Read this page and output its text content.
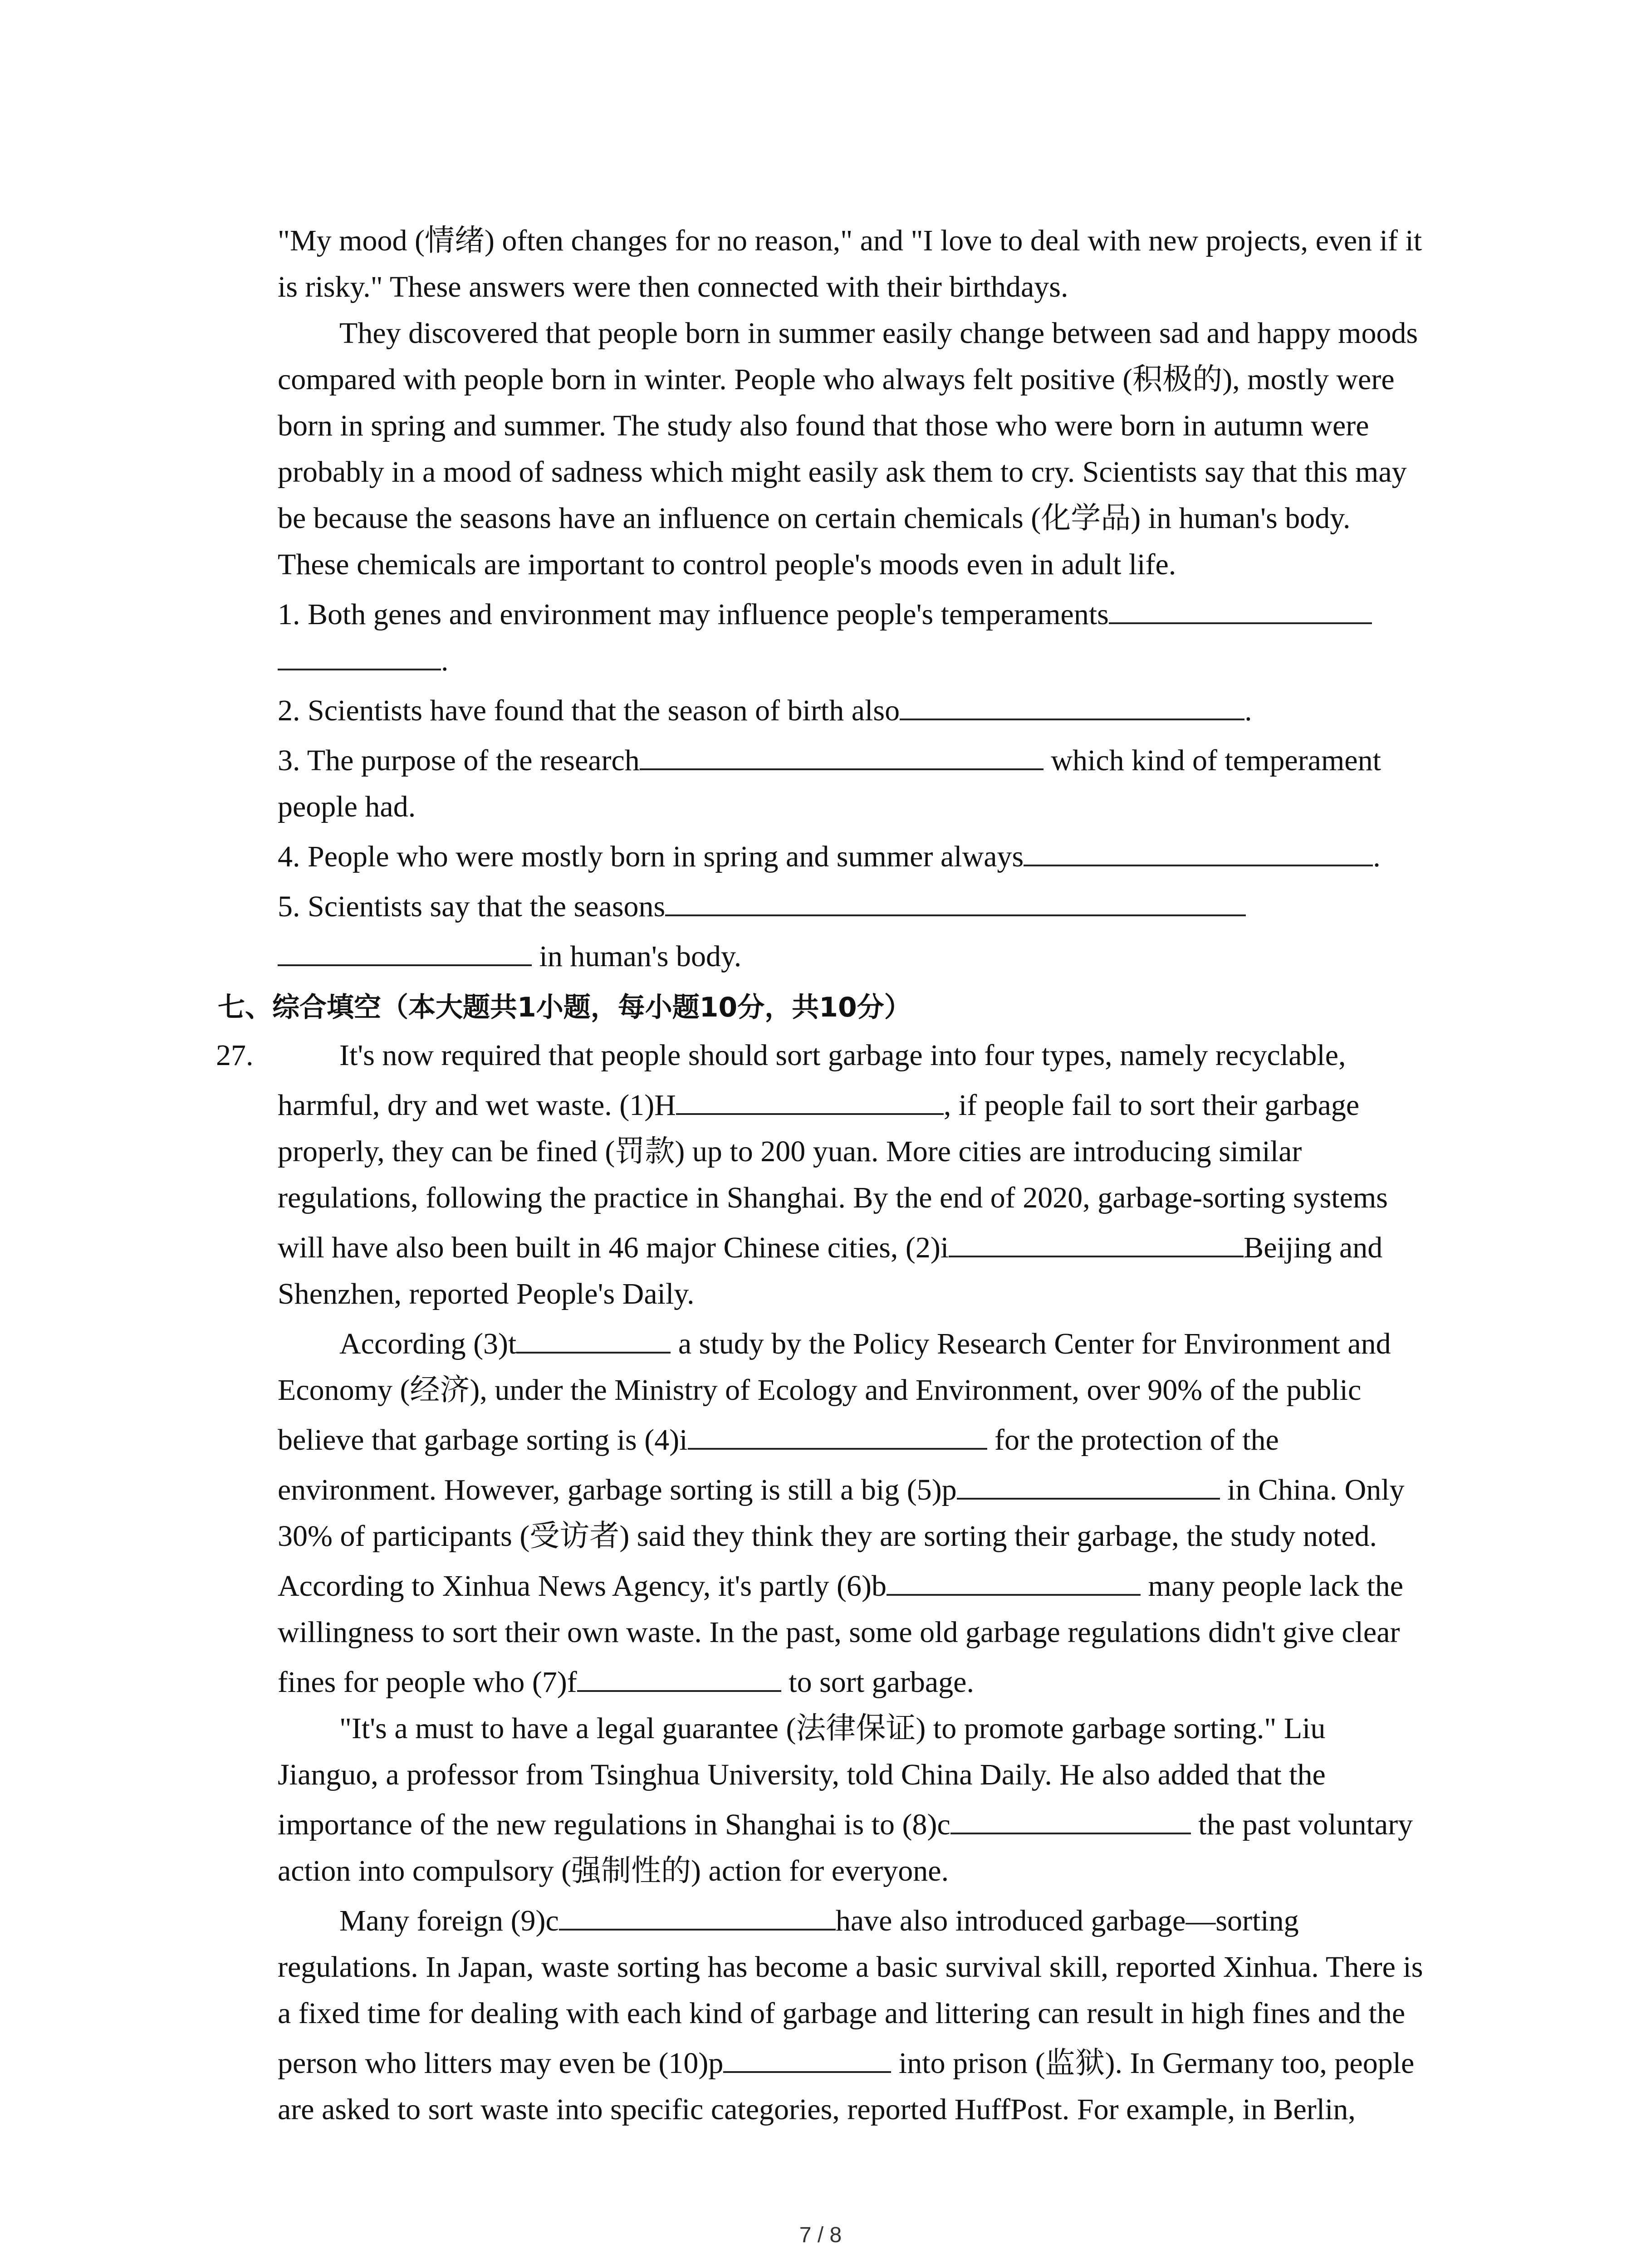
"My mood (情绪) often changes for no reason," and "I love to deal with new projects, even if it
is risky." These answers were then connected with their birthdays.
They discovered that people born in summer easily change between sad and happy moods
compared with people born in winter. People who always felt positive (积极的), mostly were
born in spring and summer. The study also found that those who were born in autumn were
probably in a mood of sadness which might easily ask them to cry. Scientists say that this may
be because the seasons have an influence on certain chemicals (化学品) in human's body.
These chemicals are important to control people's moods even in adult life.
1. Both genes and environment may influence people's temperaments
.
2. Scientists have found that the season of birth also	.
3. The purpose of the research	which kind of temperament
people had.
4. People who were mostly born in spring and summer always	.
5. Scientists say that the seasons
in human's body.
七、综合填空（本大题共1小题，每小题10分，共10分）
27.	It's now required that people should sort garbage into four types, namely recyclable,
harmful, dry and wet waste. (1)H	, if people fail to sort their garbage
properly, they can be fined (罚款) up to 200 yuan. More cities are introducing similar
regulations, following the practice in Shanghai. By the end of 2020, garbage-sorting systems
will have also been built in 46 major Chinese cities, (2)i	Beijing and
Shenzhen, reported People's Daily.
According (3)t	a study by the Policy Research Center for Environment and
Economy (经济), under the Ministry of Ecology and Environment, over 90% of the public
believe that garbage sorting is (4)i	for the protection of the
environment. However, garbage sorting is still a big (5)p	in China. Only
30% of participants (受访者) said they think they are sorting their garbage, the study noted.
According to Xinhua News Agency, it's partly (6)b	many people lack the
willingness to sort their own waste. In the past, some old garbage regulations didn't give clear
fines for people who (7)f	to sort garbage.
"It's a must to have a legal guarantee (法律保证) to promote garbage sorting." Liu
Jianguo, a professor from Tsinghua University, told China Daily. He also added that the
importance of the new regulations in Shanghai is to (8)c	the past voluntary
action into compulsory (强制性的) action for everyone.
Many foreign (9)c	have also introduced garbage—sorting
regulations. In Japan, waste sorting has become a basic survival skill, reported Xinhua. There is
a fixed time for dealing with each kind of garbage and littering can result in high fines and the
person who litters may even be (10)p	into prison (监狱). In Germany too, people
are asked to sort waste into specific categories, reported HuffPost. For example, in Berlin,
7 / 8
